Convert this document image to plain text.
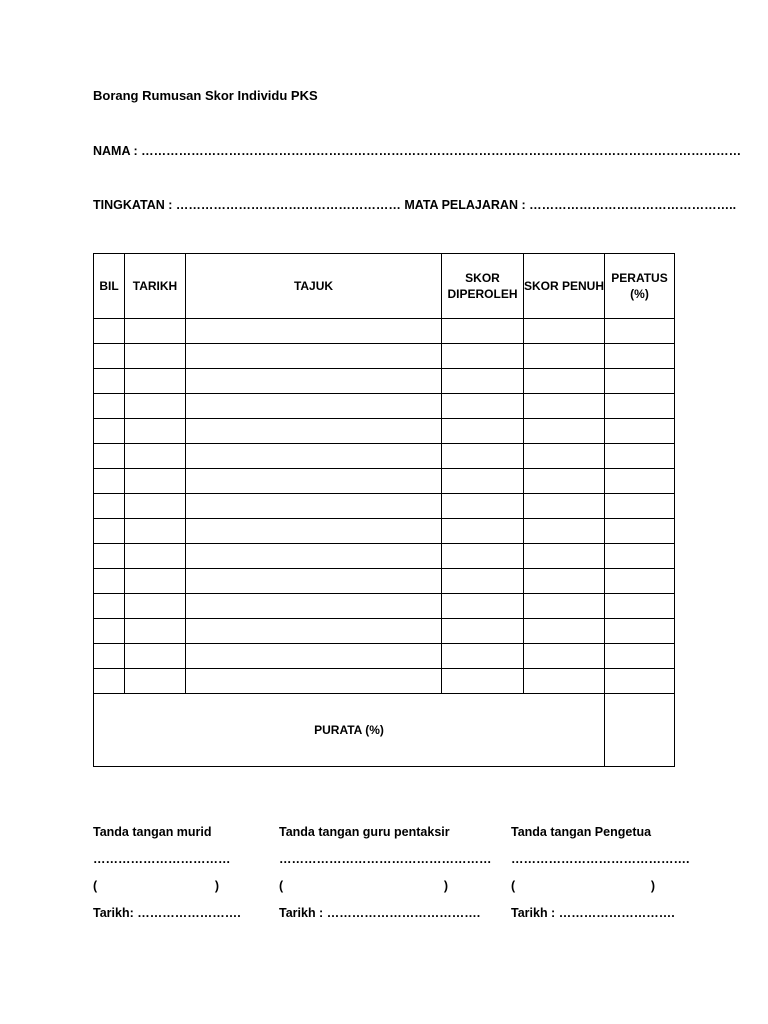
Borang Rumusan Skor Individu PKS
NAMA : ………………………………………………………………………………………………………………………………
TINGKATAN : ……………………………………………… MATA PELAJARAN : …………………………………………..
BIL	TARIKH	TAJUK	SKOR DIPEROLEH	SKOR PENUH	PERATUS (%)

PURATA (%)					
Tanda tangan murid
……………………………
(	)
Tarikh: …………………….
Tanda tangan guru pentaksir
……………………………………………
(	)
Tarikh : ……………………………….
Tanda tangan Pengetua
…………………………………….
(	)
Tarikh : ……………………….
